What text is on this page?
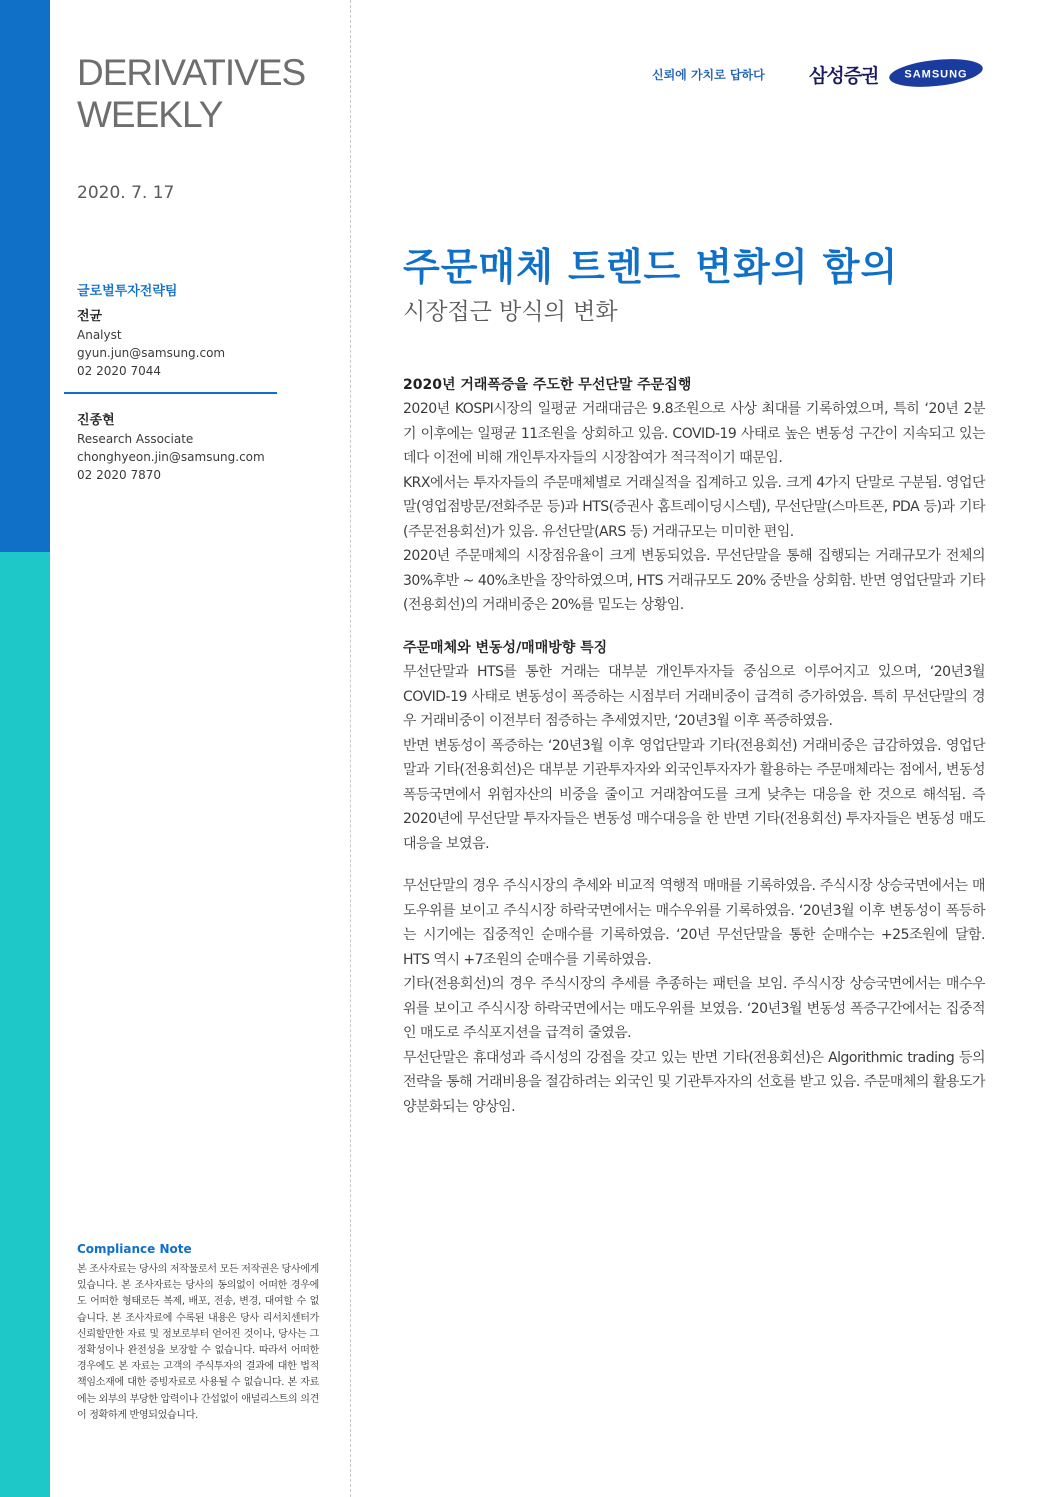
DERIVATIVES
WEEKLY
2020. 7. 17
글로벌투자전략팀
전균
Analyst
gyun.jun@samsung.com
02 2020 7044
진종현
Research Associate
chonghyeon.jin@samsung.com
02 2020 7870
Compliance Note
본 조사자료는 당사의 저작물로서 모든 저작권은 당사에게 있습니다. 본 조사자료는 당사의 동의없이 어떠한 경우에도 어떠한 형태로든 복제, 배포, 전송, 변경, 대여할 수 없습니다. 본 조사자료에 수록된 내용은 당사 리서치센터가 신뢰할만한 자료 및 정보로부터 얻어진 것이나, 당사는 그 정확성이나 완전성을 보장할 수 없습니다. 따라서 어떠한 경우에도 본 자료는 고객의 주식투자의 결과에 대한 법적 책임소재에 대한 증빙자료로 사용될 수 없습니다. 본 자료에는 외부의 부당한 압력이나 간섭없이 애널리스트의 의견이 정확하게 반영되었습니다.
신뢰에 가치로 답하다 삼성증권 SAMSUNG
주문매체 트렌드 변화의 함의
시장접근 방식의 변화
2020년 거래폭증을 주도한 무선단말 주문집행

2020년 KOSPI시장의 일평균 거래대금은 9.8조원으로 사상 최대를 기록하였으며, 특히 ‘20년 2분기 이후에는 일평균 11조원을 상회하고 있음. COVID-19 사태로 높은 변동성 구간이 지속되고 있는데다 이전에 비해 개인투자자들의 시장참여가 적극적이기 때문임.

KRX에서는 투자자들의 주문매체별로 거래실적을 집계하고 있음. 크게 4가지 단말로 구분됨. 영업단말(영업점방문/전화주문 등)과 HTS(증권사 홈트레이딩시스템), 무선단말(스마트폰, PDA 등)과 기타(주문전용회선)가 있음. 유선단말(ARS 등) 거래규모는 미미한 편임.

2020년 주문매체의 시장점유율이 크게 변동되었음. 무선단말을 통해 집행되는 거래규모가 전체의 30%후반 ~ 40%초반을 장악하였으며, HTS 거래규모도 20% 중반을 상회함. 반면 영업단말과 기타(전용회선)의 거래비중은 20%를 밑도는 상황임.

주문매체와 변동성/매매방향 특징

무선단말과 HTS를 통한 거래는 대부분 개인투자자들 중심으로 이루어지고 있으며, ‘20년3월 COVID-19 사태로 변동성이 폭증하는 시점부터 거래비중이 급격히 증가하였음. 특히 무선단말의 경우 거래비중이 이전부터 점증하는 추세였지만, ‘20년3월 이후 폭증하였음.

반면 변동성이 폭증하는 ‘20년3월 이후 영업단말과 기타(전용회선) 거래비중은 급감하였음. 영업단말과 기타(전용회선)은 대부분 기관투자자와 외국인투자자가 활용하는 주문매체라는 점에서, 변동성 폭등국면에서 위험자산의 비중을 줄이고 거래참여도를 크게 낮추는 대응을 한 것으로 해석됨. 즉 2020년에 무선단말 투자자들은 변동성 매수대응을 한 반면 기타(전용회선) 투자자들은 변동성 매도대응을 보였음.

무선단말의 경우 주식시장의 추세와 비교적 역행적 매매를 기록하였음. 주식시장 상승국면에서는 매도우위를 보이고 주식시장 하락국면에서는 매수우위를 기록하였음. ‘20년3월 이후 변동성이 폭등하는 시기에는 집중적인 순매수를 기록하였음. ‘20년 무선단말을 통한 순매수는 +25조원에 달함. HTS 역시 +7조원의 순매수를 기록하였음.

기타(전용회선)의 경우 주식시장의 추세를 추종하는 패턴을 보임. 주식시장 상승국면에서는 매수우위를 보이고 주식시장 하락국면에서는 매도우위를 보였음. ‘20년3월 변동성 폭증구간에서는 집중적인 매도로 주식포지션을 급격히 줄였음.

무선단말은 휴대성과 즉시성의 강점을 갖고 있는 반면 기타(전용회선)은 Algorithmic trading 등의 전략을 통해 거래비용을 절감하려는 외국인 및 기관투자자의 선호를 받고 있음. 주문매체의 활용도가 양분화되는 양상임.
